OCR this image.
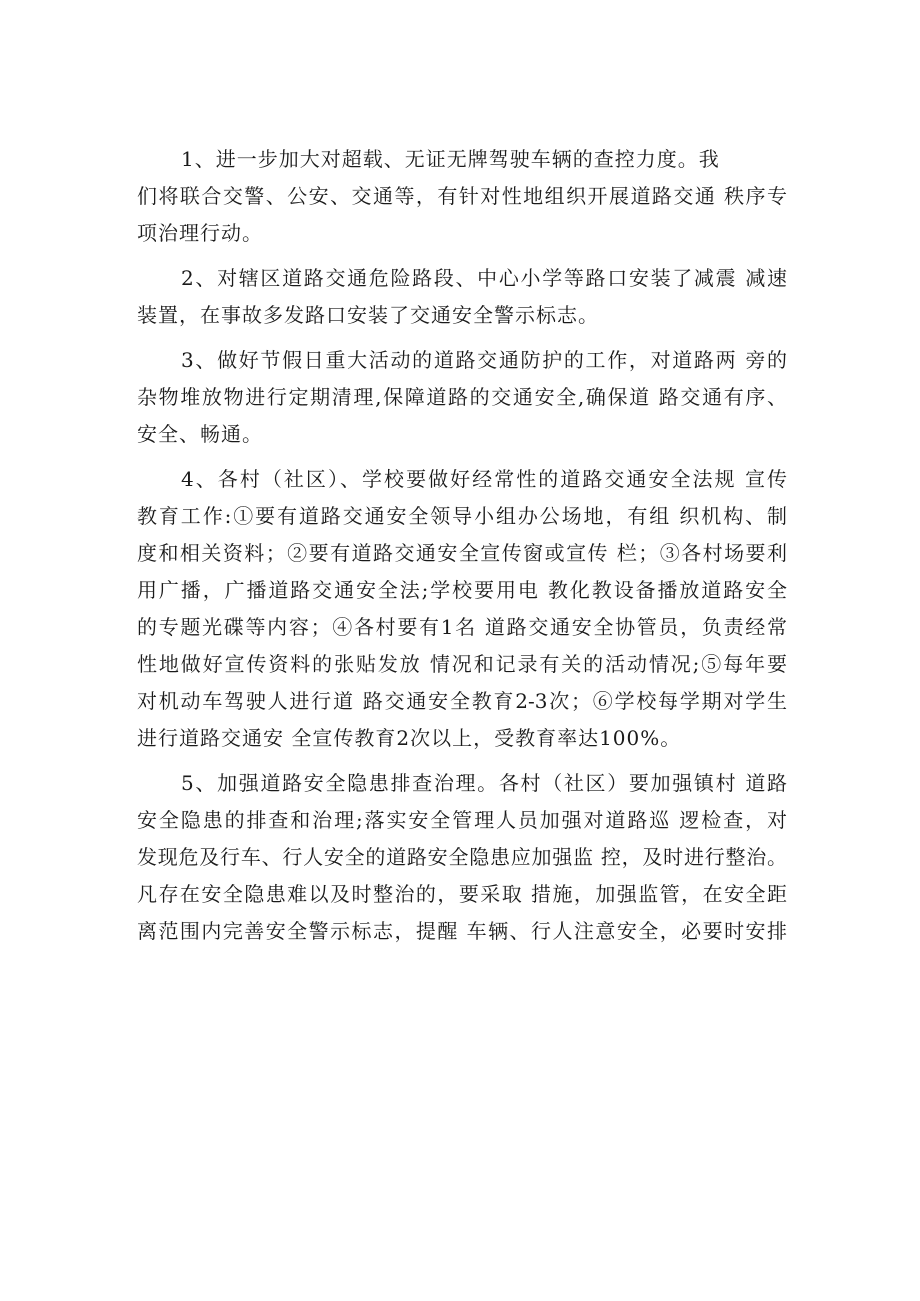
1、进一步加大对超载、无证无牌驾驶车辆的查控力度。我
们将联合交警、公安、交通等，有针对性地组织开展道路交通 秩序专
项治理行动。
2、对辖区道路交通危险路段、中心小学等路口安装了减震 减速
装置，在事故多发路口安装了交通安全警示标志。
3、做好节假日重大活动的道路交通防护的工作，对道路两 旁的
杂物堆放物进行定期清理,保障道路的交通安全,确保道 路交通有序、
安全、畅通。
4、各村（社区）、学校要做好经常性的道路交通安全法规 宣传
教育工作:①要有道路交通安全领导小组办公场地，有组 织机构、制
度和相关资料；②要有道路交通安全宣传窗或宣传 栏；③各村场要利
用广播，广播道路交通安全法;学校要用电 教化教设备播放道路安全
的专题光碟等内容；④各村要有1名 道路交通安全协管员，负责经常
性地做好宣传资料的张贴发放 情况和记录有关的活动情况;⑤每年要
对机动车驾驶人进行道 路交通安全教育2-3次；⑥学校每学期对学生
进行道路交通安 全宣传教育2次以上，受教育率达100%。
5、加强道路安全隐患排查治理。各村（社区）要加强镇村 道路
安全隐患的排查和治理;落实安全管理人员加强对道路巡 逻检查，对
发现危及行车、行人安全的道路安全隐患应加强监 控，及时进行整治。
凡存在安全隐患难以及时整治的，要采取 措施，加强监管，在安全距
离范围内完善安全警示标志，提醒 车辆、行人注意安全，必要时安排
